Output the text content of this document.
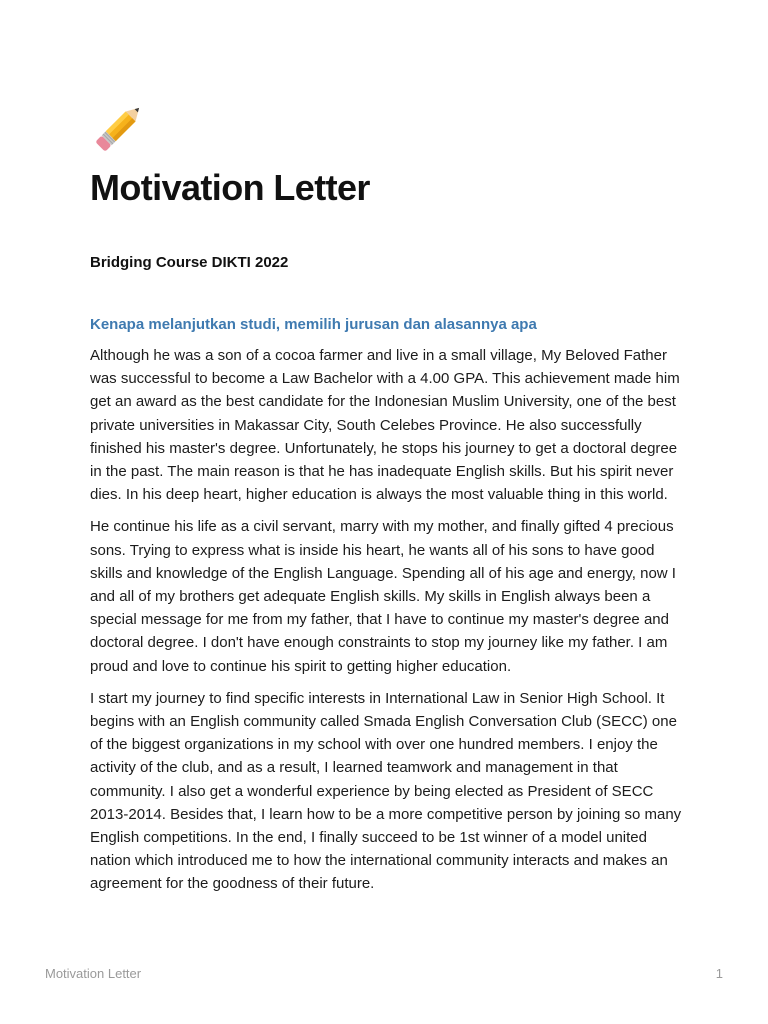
Motivation Letter

Bridging Course DIKTI 2022

Kenapa melanjutkan studi, memilih jurusan dan alasannya apa

Although he was a son of a cocoa farmer and live in a small village, My Beloved Father was successful to become a Law Bachelor with a 4.00 GPA. This achievement made him get an award as the best candidate for the Indonesian Muslim University, one of the best private universities in Makassar City, South Celebes Province. He also successfully finished his master's degree. Unfortunately, he stops his journey to get a doctoral degree in the past. The main reason is that he has inadequate English skills. But his spirit never dies. In his deep heart, higher education is always the most valuable thing in this world.

He continue his life as a civil servant, marry with my mother, and finally gifted 4 precious sons. Trying to express what is inside his heart, he wants all of his sons to have good skills and knowledge of the English Language. Spending all of his age and energy, now I and all of my brothers get adequate English skills. My skills in English always been a special message for me from my father, that I have to continue my master's degree and doctoral degree. I don't have enough constraints to stop my journey like my father. I am proud and love to continue his spirit to getting higher education.

I start my journey to find specific interests in International Law in Senior High School. It begins with an English community called Smada English Conversation Club (SECC) one of the biggest organizations in my school with over one hundred members. I enjoy the activity of the club, and as a result, I learned teamwork and management in that community. I also get a wonderful experience by being elected as President of SECC 2013-2014. Besides that, I learn how to be a more competitive person by joining so many English competitions. In the end, I finally succeed to be 1st winner of a model united nation which introduced me to how the international community interacts and makes an agreement for the goodness of their future.

Motivation Letter	1
